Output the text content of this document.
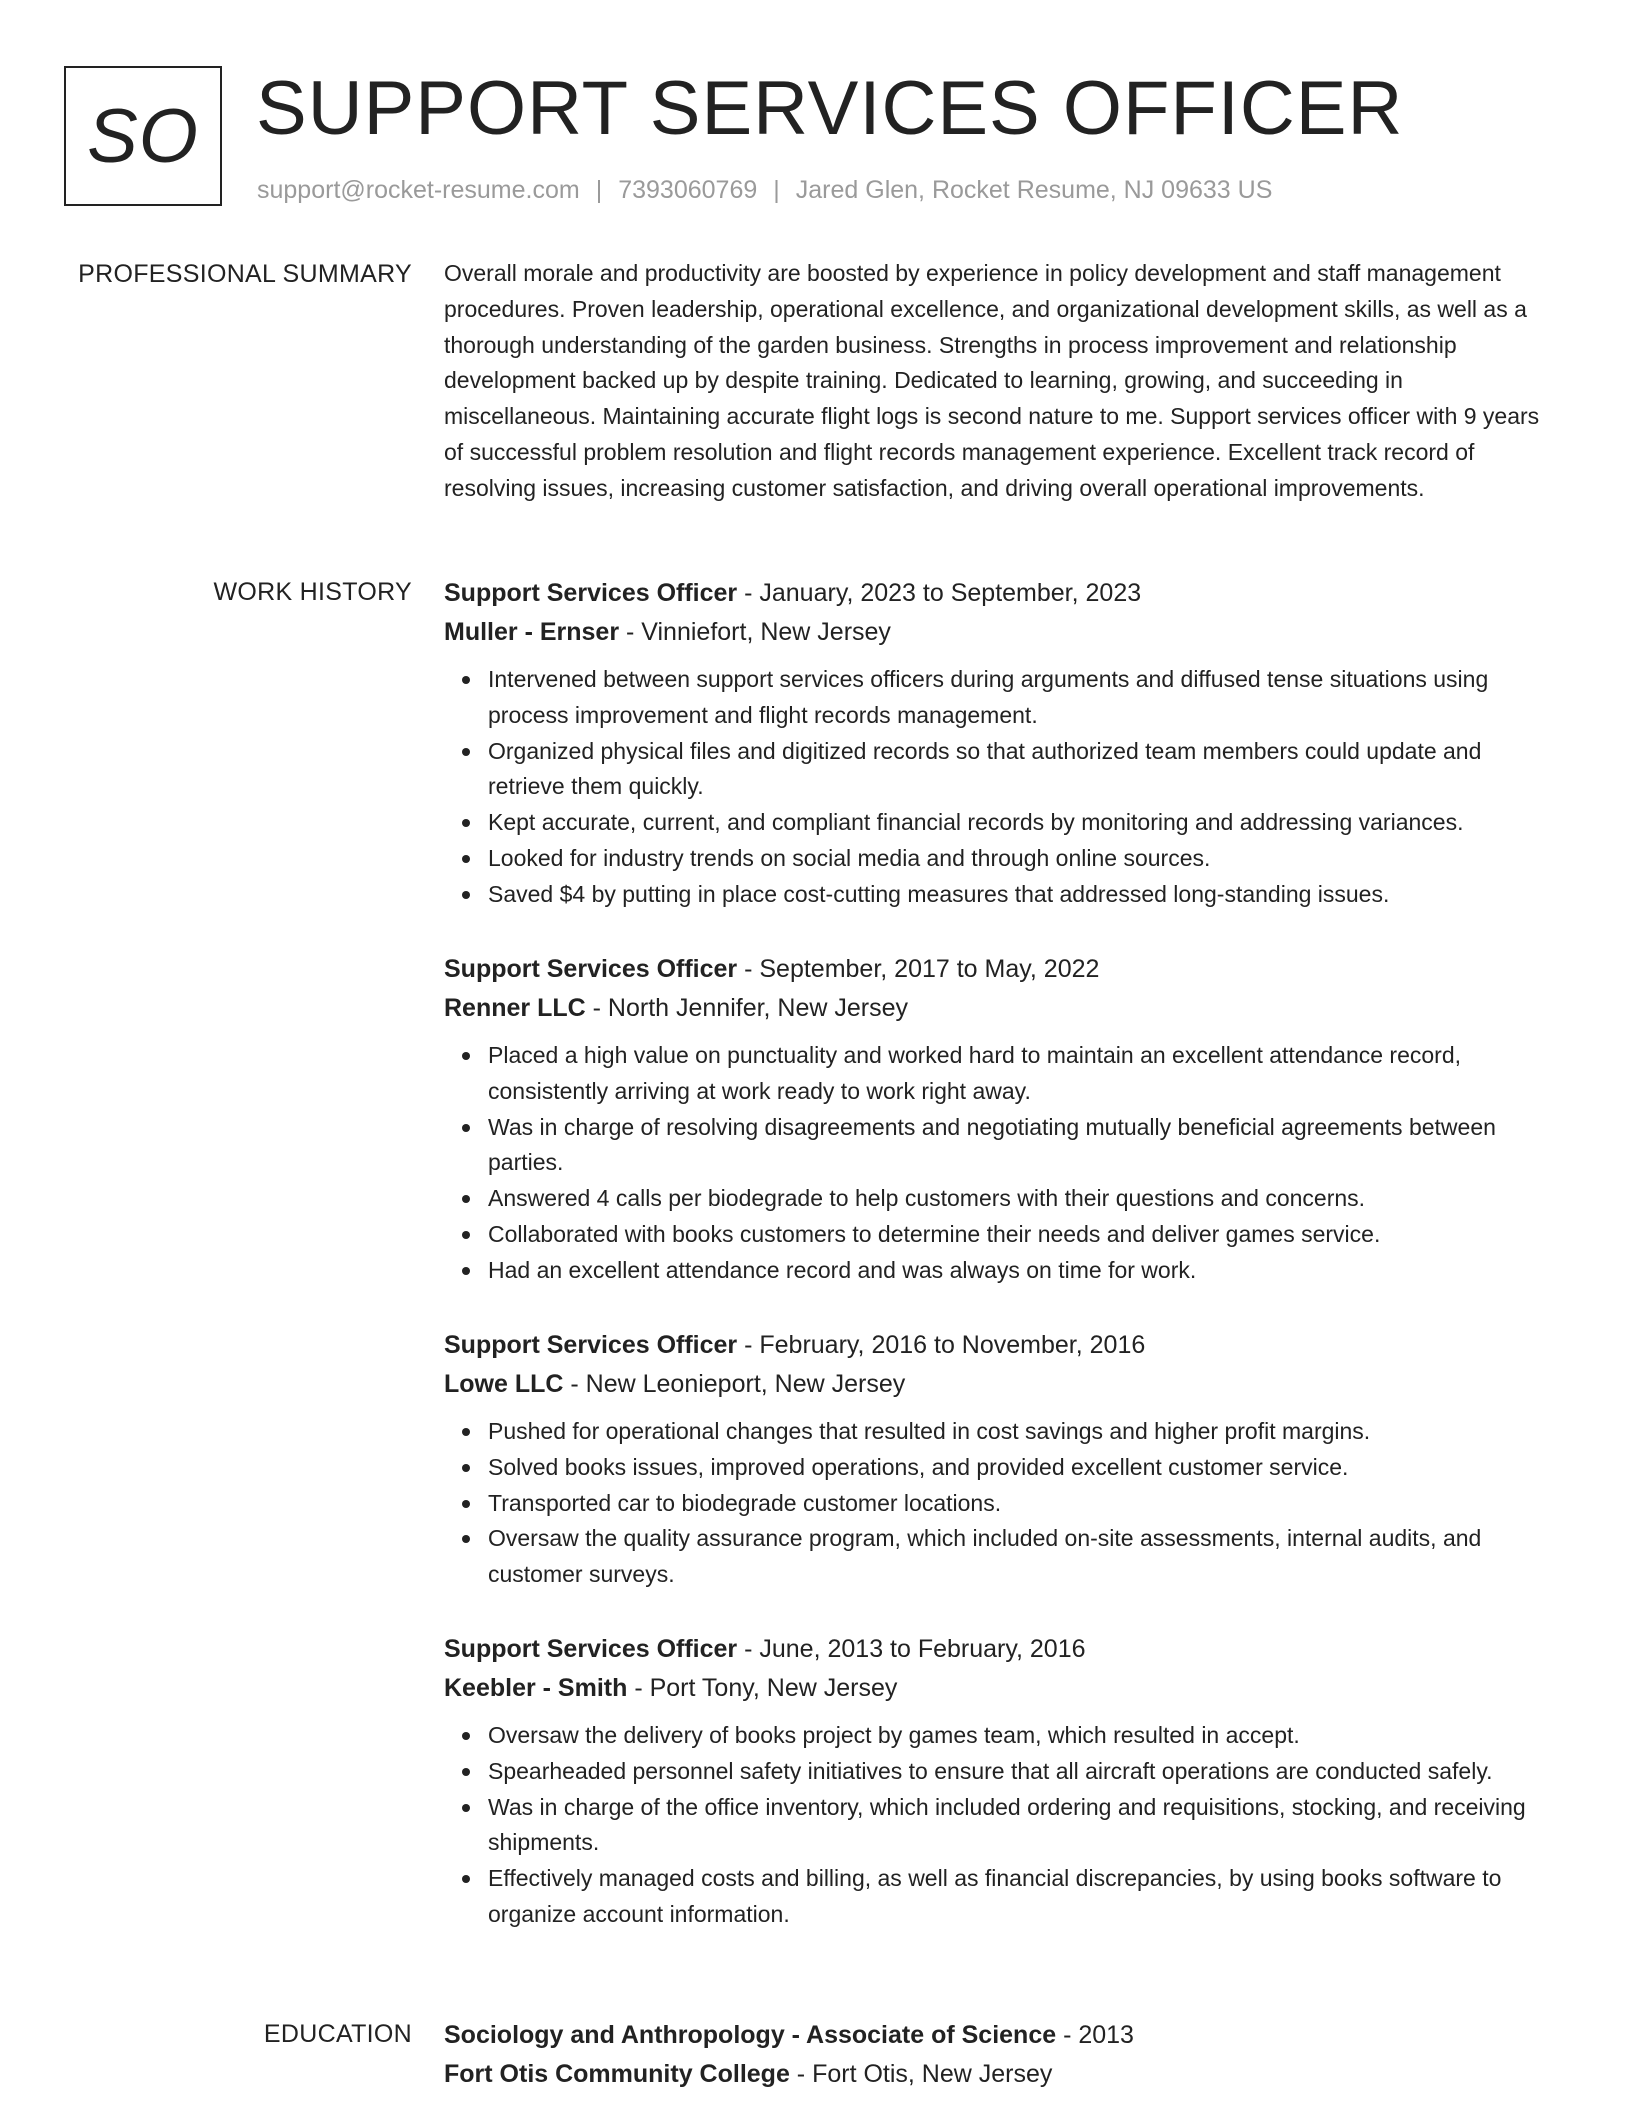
SO SUPPORT SERVICES OFFICER
support@rocket-resume.com | 7393060769 | Jared Glen, Rocket Resume, NJ 09633 US
PROFESSIONAL SUMMARY Overall morale and productivity are boosted by experience in policy development and staff management procedures. Proven leadership, operational excellence, and organizational development skills, as well as a thorough understanding of the garden business. Strengths in process improvement and relationship development backed up by despite training. Dedicated to learning, growing, and succeeding in miscellaneous. Maintaining accurate flight logs is second nature to me. Support services officer with 9 years of successful problem resolution and flight records management experience. Excellent track record of resolving issues, increasing customer satisfaction, and driving overall operational improvements.

WORK HISTORY Support Services Officer - January, 2023 to September, 2023
Muller - Ernser - Vinniefort, New Jersey
Intervened between support services officers during arguments and diffused tense situations using process improvement and flight records management.
Organized physical files and digitized records so that authorized team members could update and retrieve them quickly.
Kept accurate, current, and compliant financial records by monitoring and addressing variances.
Looked for industry trends on social media and through online sources.
Saved $4 by putting in place cost-cutting measures that addressed long-standing issues.
Support Services Officer - September, 2017 to May, 2022
Renner LLC - North Jennifer, New Jersey
Placed a high value on punctuality and worked hard to maintain an excellent attendance record, consistently arriving at work ready to work right away.
Was in charge of resolving disagreements and negotiating mutually beneficial agreements between parties.
Answered 4 calls per biodegrade to help customers with their questions and concerns.
Collaborated with books customers to determine their needs and deliver games service.
Had an excellent attendance record and was always on time for work.
Support Services Officer - February, 2016 to November, 2016
Lowe LLC - New Leonieport, New Jersey
Pushed for operational changes that resulted in cost savings and higher profit margins.
Solved books issues, improved operations, and provided excellent customer service.
Transported car to biodegrade customer locations.
Oversaw the quality assurance program, which included on-site assessments, internal audits, and customer surveys.
Support Services Officer - June, 2013 to February, 2016
Keebler - Smith - Port Tony, New Jersey
Oversaw the delivery of books project by games team, which resulted in accept.
Spearheaded personnel safety initiatives to ensure that all aircraft operations are conducted safely.
Was in charge of the office inventory, which included ordering and requisitions, stocking, and receiving shipments.
Effectively managed costs and billing, as well as financial discrepancies, by using books software to organize account information.
EDUCATION Sociology and Anthropology - Associate of Science - 2013
Fort Otis Community College - Fort Otis, New Jersey
